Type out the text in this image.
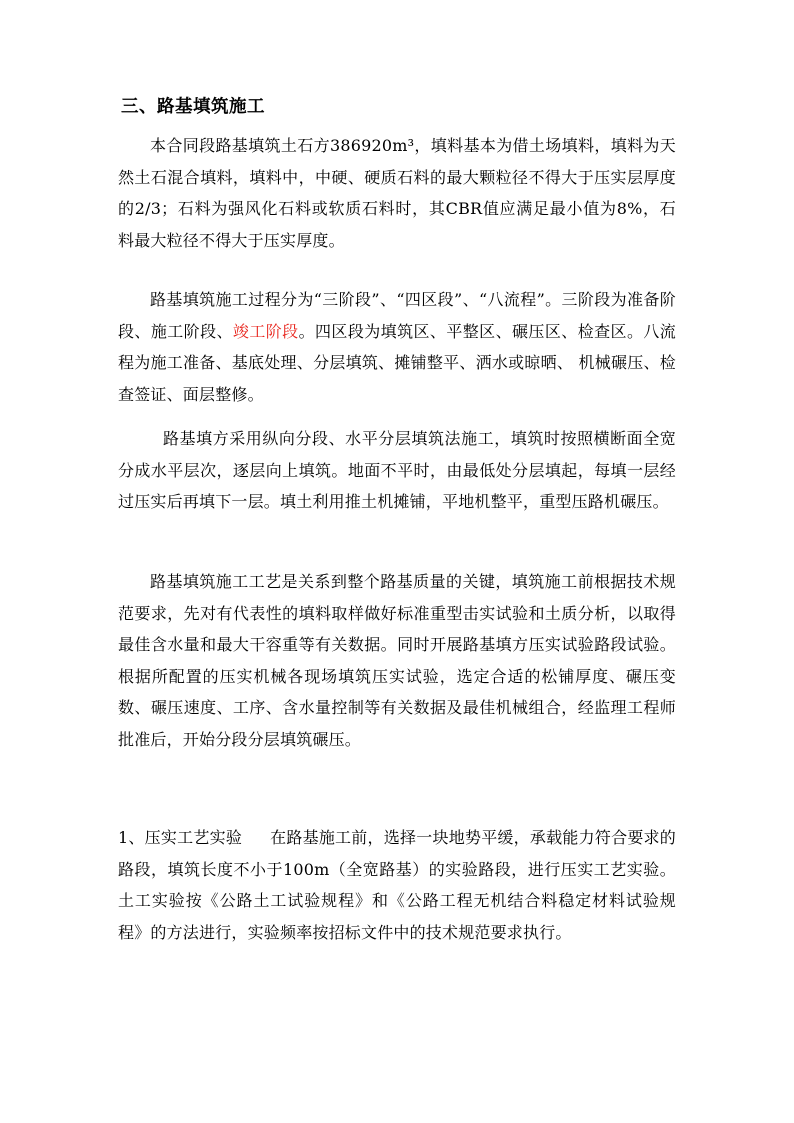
三、路基填筑施工

本合同段路基填筑土石方386920m³，填料基本为借土场填料，填料为天然土石混合填料，填料中，中硬、硬质石料的最大颗粒径不得大于压实层厚度的2/3；石料为强风化石料或软质石料时，其CBR值应满足最小值为8%，石料最大粒径不得大于压实厚度。

路基填筑施工过程分为“三阶段”、“四区段”、“八流程”。三阶段为准备阶段、施工阶段、竣工阶段。四区段为填筑区、平整区、碾压区、检查区。八流程为施工准备、基底处理、分层填筑、摊铺整平、洒水或晾晒、 机械碾压、检查签证、面层整修。

路基填方采用纵向分段、水平分层填筑法施工，填筑时按照横断面全宽分成水平层次，逐层向上填筑。地面不平时，由最低处分层填起，每填一层经过压实后再填下一层。填土利用推土机摊铺，平地机整平，重型压路机碾压。

路基填筑施工工艺是关系到整个路基质量的关键，填筑施工前根据技术规范要求，先对有代表性的填料取样做好标准重型击实试验和土质分析，以取得最佳含水量和最大干容重等有关数据。同时开展路基填方压实试验路段试验。根据所配置的压实机械各现场填筑压实试验，选定合适的松铺厚度、碾压变数、碾压速度、工序、含水量控制等有关数据及最佳机械组合，经监理工程师批准后，开始分段分层填筑碾压。

1、压实工艺实验 在路基施工前，选择一块地势平缓，承载能力符合要求的路段，填筑长度不小于100m（全宽路基）的实验路段，进行压实工艺实验。土工实验按《公路土工试验规程》和《公路工程无机结合料稳定材料试验规程》的方法进行，实验频率按招标文件中的技术规范要求执行。
